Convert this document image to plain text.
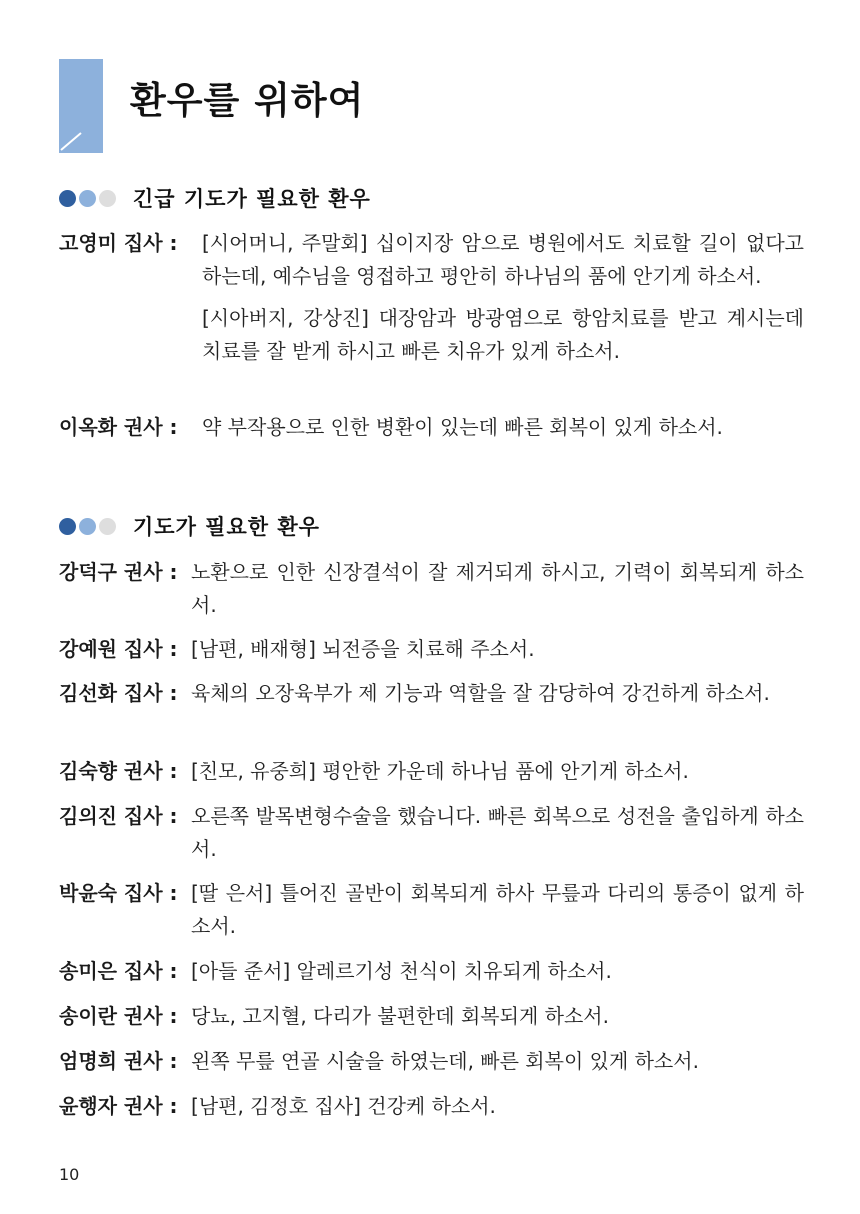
환우를 위하여
긴급 기도가 필요한 환우
고영미 집사 : [시어머니, 주말회] 십이지장 암으로 병원에서도 치료할 길이 없다고 하는데, 예수님을 영접하고 평안히 하나님의 품에 안기게 하소서.

[시아버지, 강상진] 대장암과 방광염으로 항암치료를 받고 계시는데 치료를 잘 받게 하시고 빠른 치유가 있게 하소서.

이옥화 권사 : 약 부작용으로 인한 병환이 있는데 빠른 회복이 있게 하소서.

기도가 필요한 환우
강덕구 권사 : 노환으로 인한 신장결석이 잘 제거되게 하시고, 기력이 회복되게 하소서.

강예원 집사 : [남편, 배재형] 뇌전증을 치료해 주소서.

김선화 집사 : 육체의 오장육부가 제 기능과 역할을 잘 감당하여 강건하게 하소서.

김숙향 권사 : [친모, 유중희] 평안한 가운데 하나님 품에 안기게 하소서.

김의진 집사 : 오른쪽 발목변형수술을 했습니다. 빠른 회복으로 성전을 출입하게 하소서.

박윤숙 집사 : [딸 은서] 틀어진 골반이 회복되게 하사 무릎과 다리의 통증이 없게 하소서.

송미은 집사 : [아들 준서] 알레르기성 천식이 치유되게 하소서.

송이란 권사 : 당뇨, 고지혈, 다리가 불편한데 회복되게 하소서.

엄명희 권사 : 왼쪽 무릎 연골 시술을 하였는데, 빠른 회복이 있게 하소서.

윤행자 권사 : [남편, 김정호 집사] 건강케 하소서.

10
